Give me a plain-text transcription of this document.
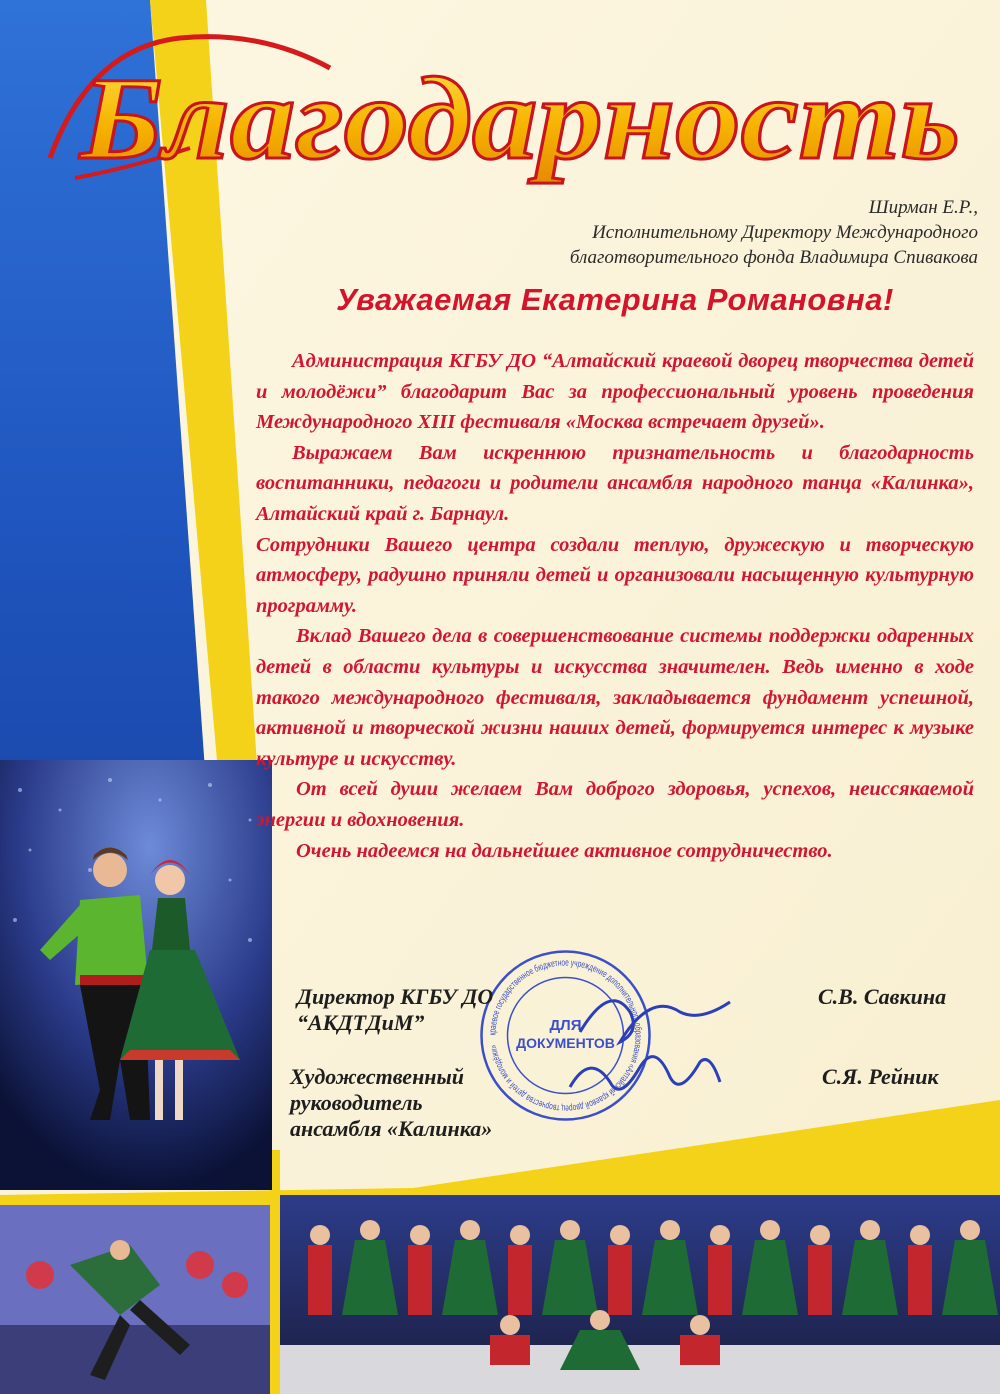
Благодарность
Ширман Е.Р.,
Исполнительному Директору Международного
благотворительного фонда Владимира Спивакова
Уважаемая Екатерина Романовна!

Администрация КГБУ ДО “Алтайский краевой дворец творчества детей и молодёжи” благодарит Вас за профессиональный уровень проведения Международного XIII фестиваля «Москва встречает друзей».

Выражаем Вам искреннюю признательность и благодарность воспитанники, педагоги и родители ансамбля народного танца «Калинка», Алтайский край г. Барнаул.

Сотрудники Вашего центра создали теплую, дружескую и творческую атмосферу, радушно приняли детей и организовали насыщенную культурную программу.

Вклад Вашего дела в совершенствование системы поддержки одаренных детей в области культуры и искусства значителен. Ведь именно в ходе такого международного фестиваля, закладывается фундамент успешной, активной и творческой жизни наших детей, формируется интерес к музыке культуре и искусству.

От всей души желаем Вам доброго здоровья, успехов, неиссякаемой энергии и вдохновения.

Очень надеемся на дальнейшее активное сотрудничество.

краевое государственное бюджетное учреждение дополнительного образования «Алтайский краевой дворец творчества детей и молодёжи»
ДЛЯ
ДОКУМЕНТОВ
Директор КГБУ ДО
“АКДТДиМ”
С.В. Савкина
Художественный
руководитель
ансамбля «Калинка»
С.Я. Рейник
